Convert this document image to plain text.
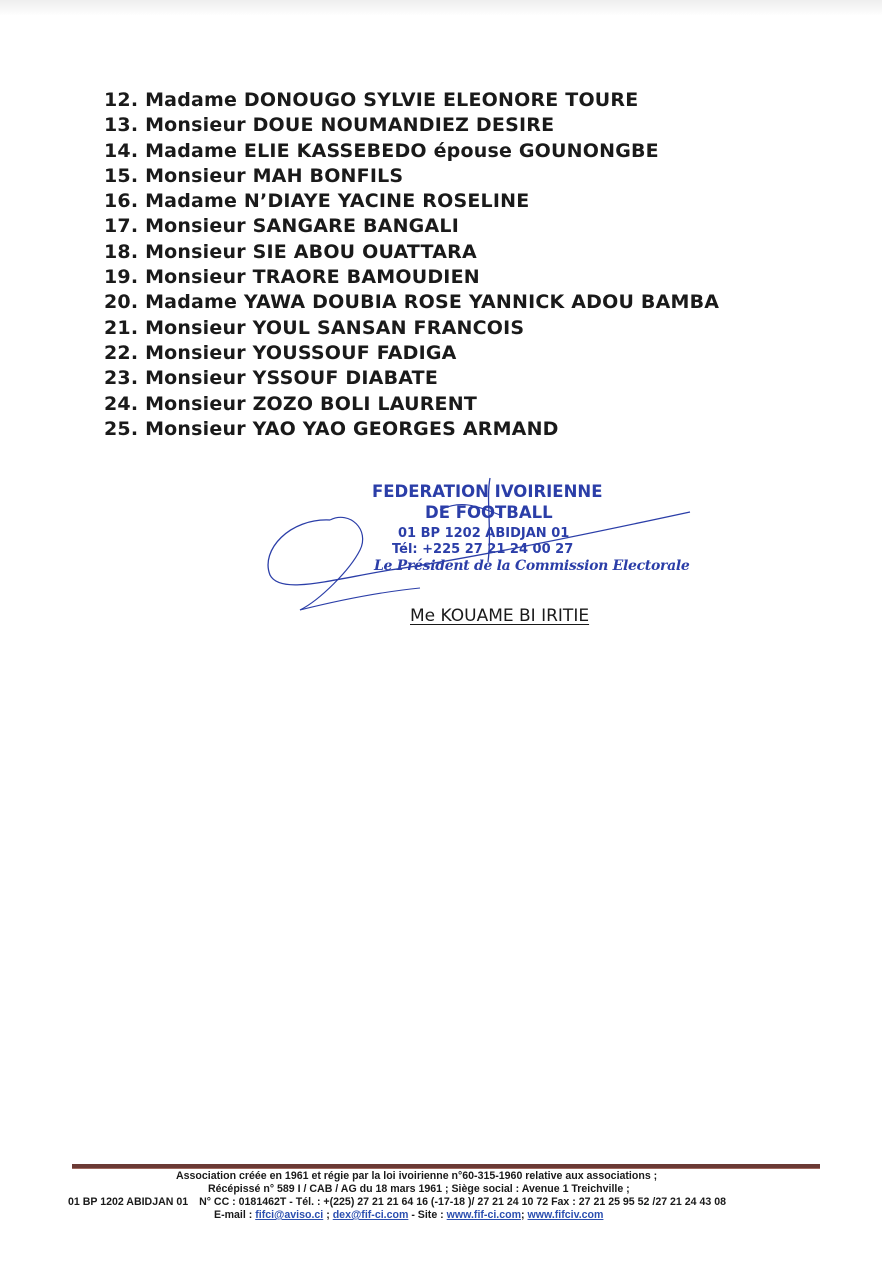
12. Madame DONOUGO SYLVIE ELEONORE TOURE
13. Monsieur DOUE NOUMANDIEZ DESIRE
14. Madame ELIE KASSEBEDO épouse GOUNONGBE
15. Monsieur MAH BONFILS
16. Madame N’DIAYE YACINE ROSELINE
17. Monsieur SANGARE BANGALI
18. Monsieur SIE ABOU OUATTARA
19. Monsieur TRAORE BAMOUDIEN
20. Madame YAWA DOUBIA ROSE YANNICK ADOU BAMBA
21. Monsieur YOUL SANSAN FRANCOIS
22. Monsieur YOUSSOUF FADIGA
23. Monsieur YSSOUF DIABATE
24. Monsieur ZOZO BOLI LAURENT
25. Monsieur YAO YAO GEORGES ARMAND
FEDERATION IVOIRIENNE
DE FOOTBALL
01 BP 1202 ABIDJAN 01
Tél: +225 27 21 24 00 27
Le Président de la Commission Electorale
Me KOUAME BI IRITIE
Association créée en 1961 et régie par la loi ivoirienne n°60-315-1960 relative aux associations ;
Récépissé n° 589 I / CAB / AG du 18 mars 1961 ; Siège social : Avenue 1 Treichville ;
01 BP 1202 ABIDJAN 01 N° CC : 0181462T - Tél. : +(225) 27 21 21 64 16 (-17-18 )/ 27 21 24 10 72 Fax : 27 21 25 95 52 /27 21 24 43 08
E-mail : fifci@aviso.ci ; dex@fif-ci.com - Site : www.fif-ci.com; www.fifciv.com
